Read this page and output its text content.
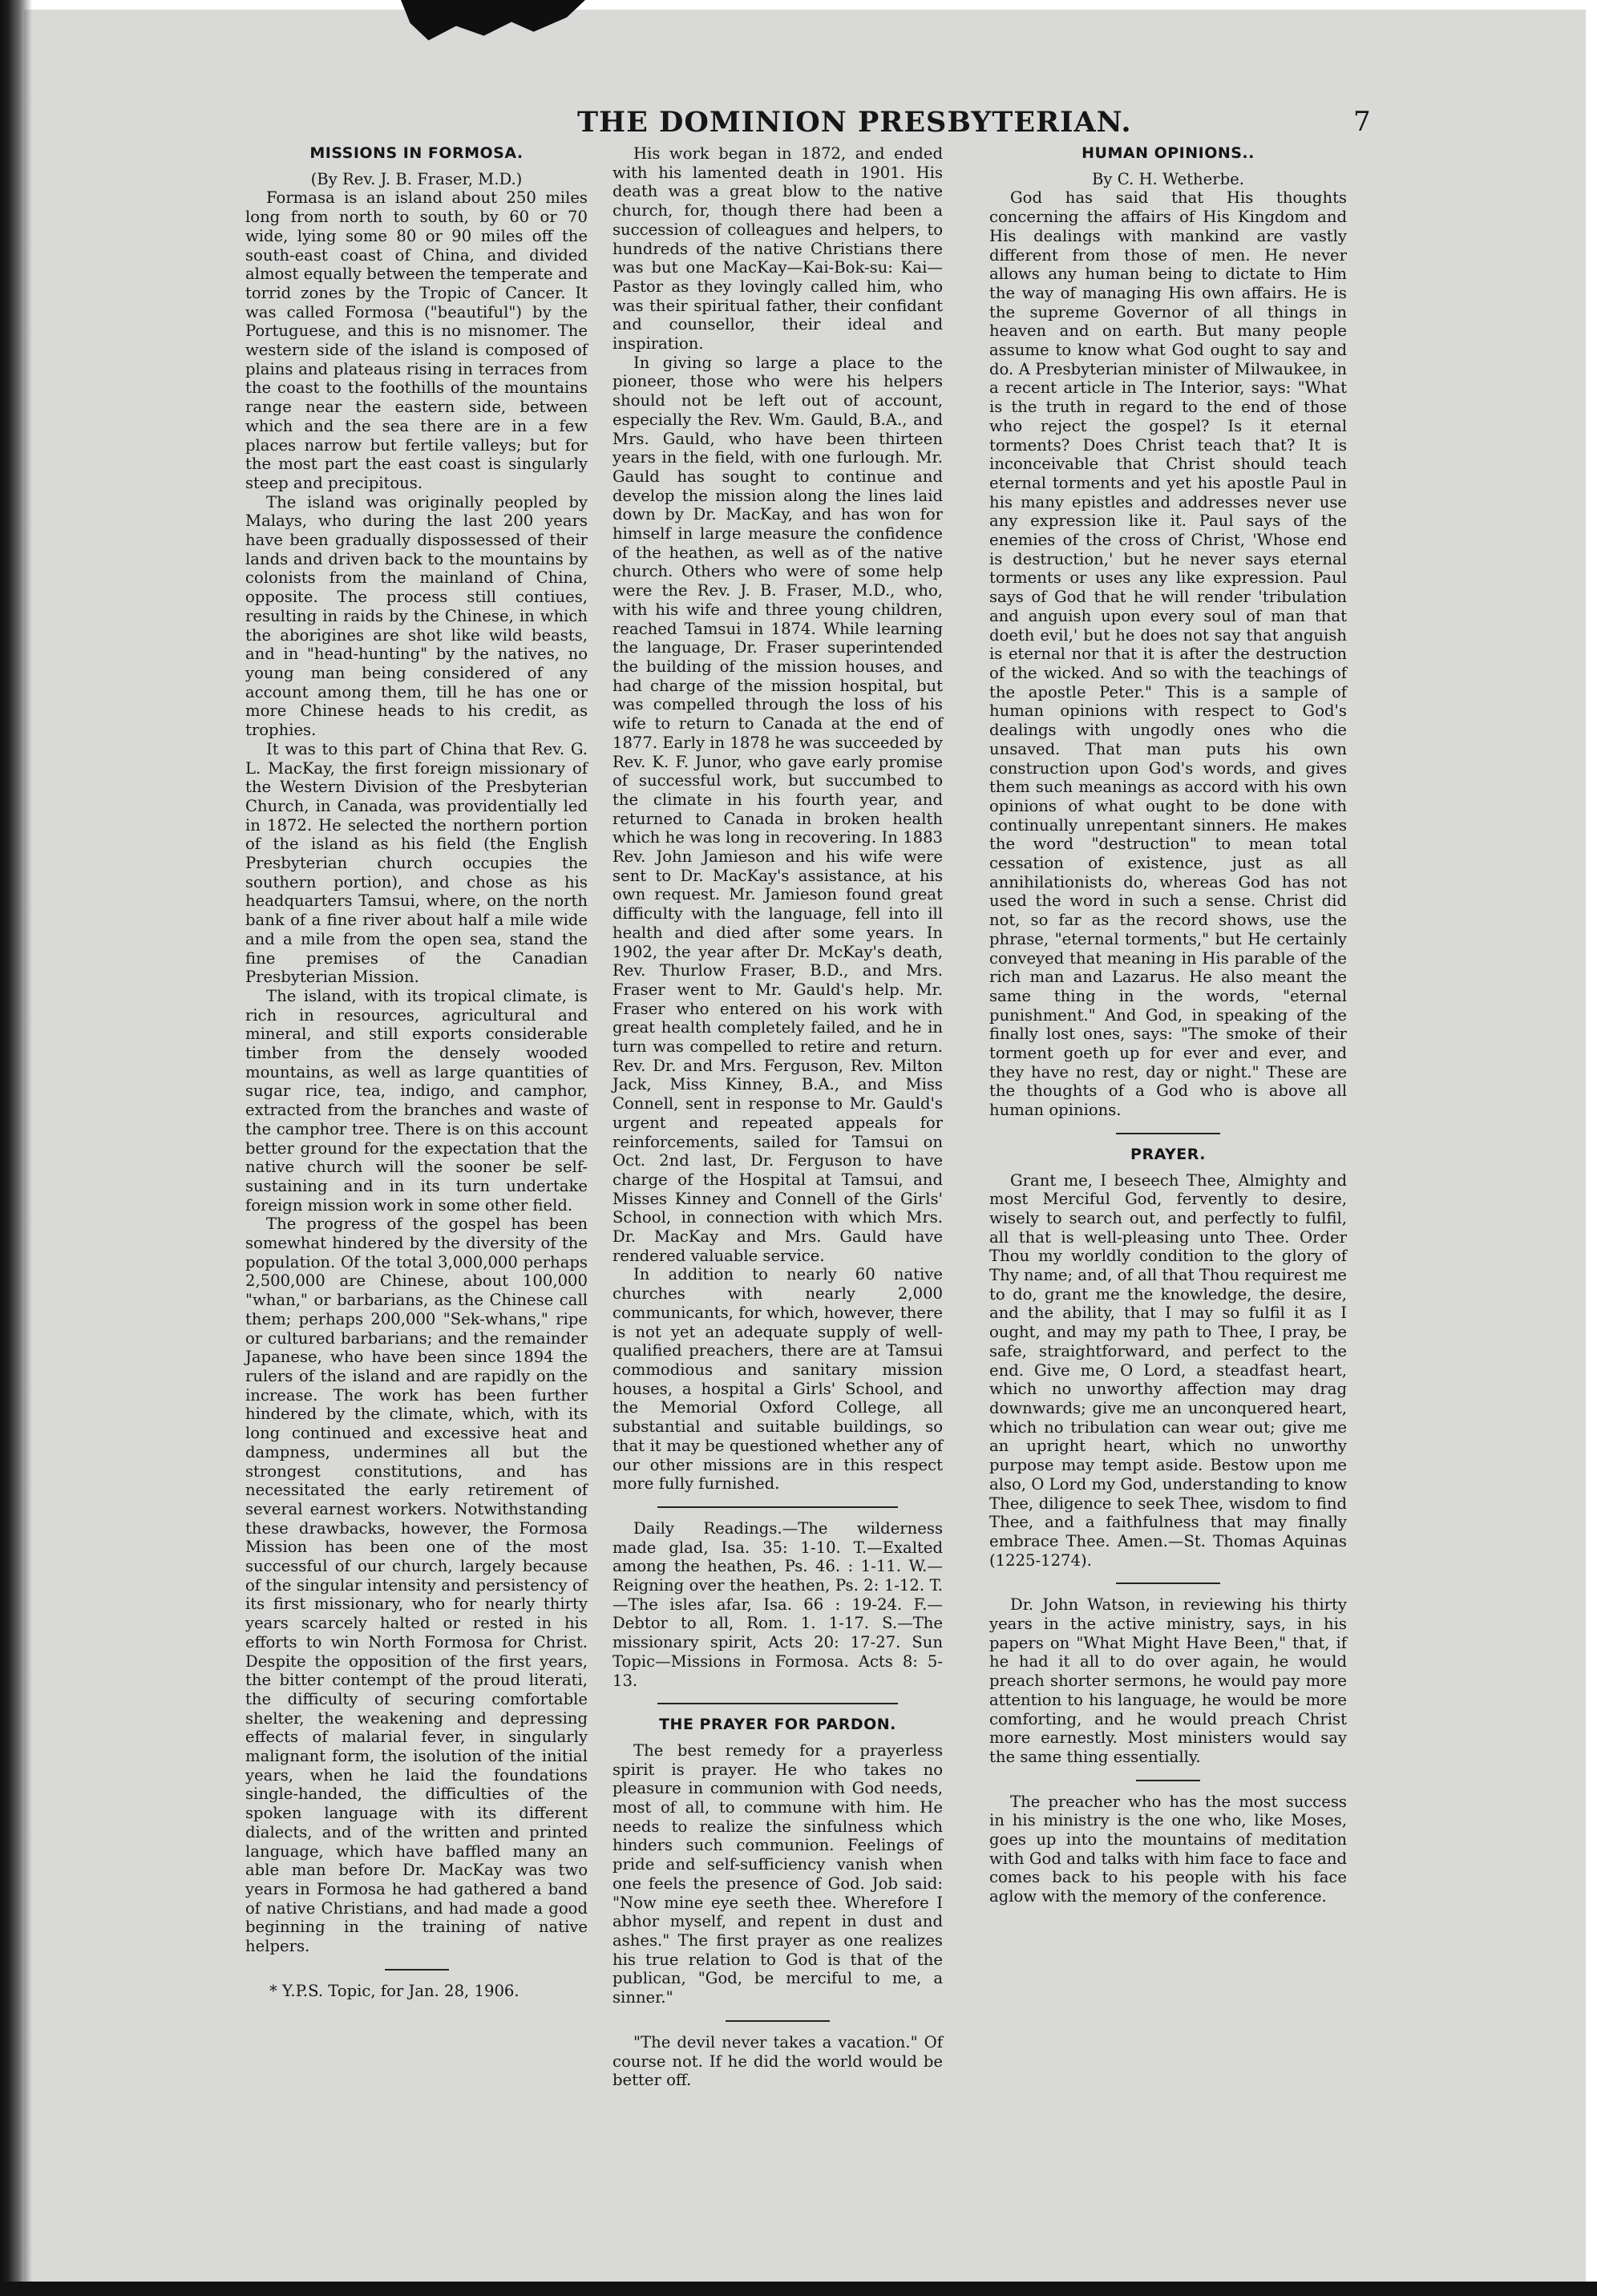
THE DOMINION PRESBYTERIAN.	7
MISSIONS IN FORMOSA.

(By Rev. J. B. Fraser, M.D.)

Formasa is an island about 250 miles long from north to south, by 60 or 70 wide, lying some 80 or 90 miles off the south-east coast of China, and divided almost equally between the temperate and torrid zones by the Tropic of Cancer. It was called Formosa ("beautiful") by the Portuguese, and this is no misnomer. The western side of the island is composed of plains and plateaus rising in terraces from the coast to the foothills of the mountains range near the eastern side, between which and the sea there are in a few places narrow but fertile valleys; but for the most part the east coast is singularly steep and precipitous.

The island was originally peopled by Malays, who during the last 200 years have been gradually dispossessed of their lands and driven back to the mountains by colonists from the mainland of China, opposite. The process still contiues, resulting in raids by the Chinese, in which the aborigines are shot like wild beasts, and in "head-hunting" by the natives, no young man being considered of any account among them, till he has one or more Chinese heads to his credit, as trophies.

It was to this part of China that Rev. G. L. MacKay, the first foreign missionary of the Western Division of the Presbyterian Church, in Canada, was providentially led in 1872. He selected the northern portion of the island as his field (the English Presbyterian church occupies the southern portion), and chose as his headquarters Tamsui, where, on the north bank of a fine river about half a mile wide and a mile from the open sea, stand the fine premises of the Canadian Presbyterian Mission.

The island, with its tropical climate, is rich in resources, agricultural and mineral, and still exports considerable timber from the densely wooded mountains, as well as large quantities of sugar rice, tea, indigo, and camphor, extracted from the branches and waste of the camphor tree. There is on this account better ground for the expectation that the native church will the sooner be self-sustaining and in its turn undertake foreign mission work in some other field.

The progress of the gospel has been somewhat hindered by the diversity of the population. Of the total 3,000,000 perhaps 2,500,000 are Chinese, about 100,000 "whan," or barbarians, as the Chinese call them; perhaps 200,000 "Sek-whans," ripe or cultured barbarians; and the remainder Japanese, who have been since 1894 the rulers of the island and are rapidly on the increase. The work has been further hindered by the climate, which, with its long continued and excessive heat and dampness, undermines all but the strongest constitutions, and has necessitated the early retirement of several earnest workers. Notwithstanding these drawbacks, however, the Formosa Mission has been one of the most successful of our church, largely because of the singular intensity and persistency of its first missionary, who for nearly thirty years scarcely halted or rested in his efforts to win North Formosa for Christ. Despite the opposition of the first years, the bitter contempt of the proud literati, the difficulty of securing comfortable shelter, the weakening and depressing effects of malarial fever, in singularly malignant form, the isolution of the initial years, when he laid the foundations single-handed, the difficulties of the spoken language with its different dialects, and of the written and printed language, which have baffled many an able man before Dr. MacKay was two years in Formosa he had gathered a band of native Christians, and had made a good beginning in the training of native helpers.

* Y.P.S. Topic, for Jan. 28, 1906.

His work began in 1872, and ended with his lamented death in 1901. His death was a great blow to the native church, for, though there had been a succession of colleagues and helpers, to hundreds of the native Christians there was but one MacKay—Kai-Bok-su: Kai—Pastor as they lovingly called him, who was their spiritual father, their confidant and counsellor, their ideal and inspiration.

In giving so large a place to the pioneer, those who were his helpers should not be left out of account, especially the Rev. Wm. Gauld, B.A., and Mrs. Gauld, who have been thirteen years in the field, with one furlough. Mr. Gauld has sought to continue and develop the mission along the lines laid down by Dr. MacKay, and has won for himself in large measure the confidence of the heathen, as well as of the native church. Others who were of some help were the Rev. J. B. Fraser, M.D., who, with his wife and three young children, reached Tamsui in 1874. While learning the language, Dr. Fraser superintended the building of the mission houses, and had charge of the mission hospital, but was compelled through the loss of his wife to return to Canada at the end of 1877. Early in 1878 he was succeeded by Rev. K. F. Junor, who gave early promise of successful work, but succumbed to the climate in his fourth year, and returned to Canada in broken health which he was long in recovering. In 1883 Rev. John Jamieson and his wife were sent to Dr. MacKay's assistance, at his own request. Mr. Jamieson found great difficulty with the language, fell into ill health and died after some years. In 1902, the year after Dr. McKay's death, Rev. Thurlow Fraser, B.D., and Mrs. Fraser went to Mr. Gauld's help. Mr. Fraser who entered on his work with great health completely failed, and he in turn was compelled to retire and return. Rev. Dr. and Mrs. Ferguson, Rev. Milton Jack, Miss Kinney, B.A., and Miss Connell, sent in response to Mr. Gauld's urgent and repeated appeals for reinforcements, sailed for Tamsui on Oct. 2nd last, Dr. Ferguson to have charge of the Hospital at Tamsui, and Misses Kinney and Connell of the Girls' School, in connection with which Mrs. Dr. MacKay and Mrs. Gauld have rendered valuable service.

In addition to nearly 60 native churches with nearly 2,000 communicants, for which, however, there is not yet an adequate supply of well-qualified preachers, there are at Tamsui commodious and sanitary mission houses, a hospital a Girls' School, and the Memorial Oxford College, all substantial and suitable buildings, so that it may be questioned whether any of our other missions are in this respect more fully furnished.

Daily Readings.—The wilderness made glad, Isa. 35: 1-10. T.—Exalted among the heathen, Ps. 46. : 1-11. W.—Reigning over the heathen, Ps. 2: 1-12. T.—The isles afar, Isa. 66 : 19-24. F.—Debtor to all, Rom. 1. 1-17. S.—The missionary spirit, Acts 20: 17-27. Sun Topic—Missions in Formosa. Acts 8: 5-13.

THE PRAYER FOR PARDON.

The best remedy for a prayerless spirit is prayer. He who takes no pleasure in communion with God needs, most of all, to commune with him. He needs to realize the sinfulness which hinders such communion. Feelings of pride and self-sufficiency vanish when one feels the presence of God. Job said: "Now mine eye seeth thee. Wherefore I abhor myself, and repent in dust and ashes." The first prayer as one realizes his true relation to God is that of the publican, "God, be merciful to me, a sinner."

"The devil never takes a vacation." Of course not. If he did the world would be better off.

HUMAN OPINIONS..

By C. H. Wetherbe.

God has said that His thoughts concerning the affairs of His Kingdom and His dealings with mankind are vastly different from those of men. He never allows any human being to dictate to Him the way of managing His own affairs. He is the supreme Governor of all things in heaven and on earth. But many people assume to know what God ought to say and do. A Presbyterian minister of Milwaukee, in a recent article in The Interior, says: "What is the truth in regard to the end of those who reject the gospel? Is it eternal torments? Does Christ teach that? It is inconceivable that Christ should teach eternal torments and yet his apostle Paul in his many epistles and addresses never use any expression like it. Paul says of the enemies of the cross of Christ, 'Whose end is destruction,' but he never says eternal torments or uses any like expression. Paul says of God that he will render 'tribulation and anguish upon every soul of man that doeth evil,' but he does not say that anguish is eternal nor that it is after the destruction of the wicked. And so with the teachings of the apostle Peter." This is a sample of human opinions with respect to God's dealings with ungodly ones who die unsaved. That man puts his own construction upon God's words, and gives them such meanings as accord with his own opinions of what ought to be done with continually unrepentant sinners. He makes the word "destruction" to mean total cessation of existence, just as all annihilationists do, whereas God has not used the word in such a sense. Christ did not, so far as the record shows, use the phrase, "eternal torments," but He certainly conveyed that meaning in His parable of the rich man and Lazarus. He also meant the same thing in the words, "eternal punishment." And God, in speaking of the finally lost ones, says: "The smoke of their torment goeth up for ever and ever, and they have no rest, day or night." These are the thoughts of a God who is above all human opinions.

PRAYER.

Grant me, I beseech Thee, Almighty and most Merciful God, fervently to desire, wisely to search out, and perfectly to fulfil, all that is well-pleasing unto Thee. Order Thou my worldly condition to the glory of Thy name; and, of all that Thou requirest me to do, grant me the knowledge, the desire, and the ability, that I may so fulfil it as I ought, and may my path to Thee, I pray, be safe, straightforward, and perfect to the end. Give me, O Lord, a steadfast heart, which no unworthy affection may drag downwards; give me an unconquered heart, which no tribulation can wear out; give me an upright heart, which no unworthy purpose may tempt aside. Bestow upon me also, O Lord my God, understanding to know Thee, diligence to seek Thee, wisdom to find Thee, and a faithfulness that may finally embrace Thee. Amen.—St. Thomas Aquinas (1225-1274).

Dr. John Watson, in reviewing his thirty years in the active ministry, says, in his papers on "What Might Have Been," that, if he had it all to do over again, he would preach shorter sermons, he would pay more attention to his language, he would be more comforting, and he would preach Christ more earnestly. Most ministers would say the same thing essentially.

The preacher who has the most success in his ministry is the one who, like Moses, goes up into the mountains of meditation with God and talks with him face to face and comes back to his people with his face aglow with the memory of the conference.
